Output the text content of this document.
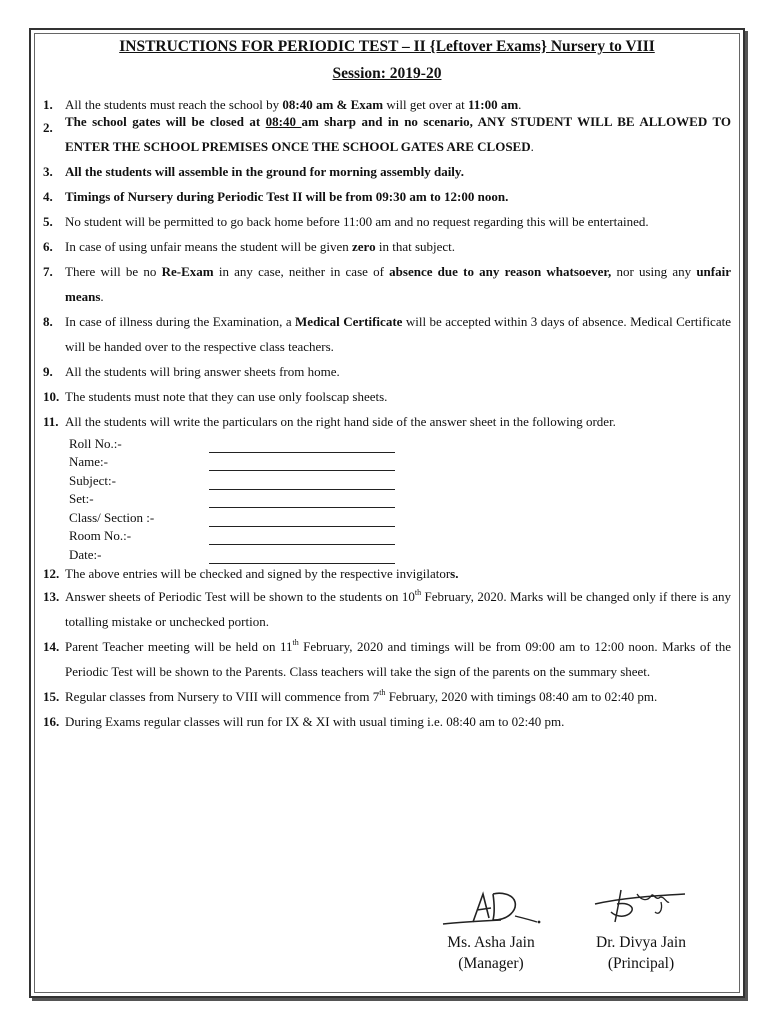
INSTRUCTIONS FOR PERIODIC TEST – II {Leftover Exams} Nursery to VIII
Session: 2019-20
1. All the students must reach the school by 08:40 am & Exam will get over at 11:00 am.
2. The school gates will be closed at 08:40 am sharp and in no scenario, ANY STUDENT WILL BE ALLOWED TO ENTER THE SCHOOL PREMISES ONCE THE SCHOOL GATES ARE CLOSED.
3. All the students will assemble in the ground for morning assembly daily.
4. Timings of Nursery during Periodic Test II will be from 09:30 am to 12:00 noon.
5. No student will be permitted to go back home before 11:00 am and no request regarding this will be entertained.
6. In case of using unfair means the student will be given zero in that subject.
7. There will be no Re-Exam in any case, neither in case of absence due to any reason whatsoever, nor using any unfair means.
8. In case of illness during the Examination, a Medical Certificate will be accepted within 3 days of absence. Medical Certificate will be handed over to the respective class teachers.
9. All the students will bring answer sheets from home.
10. The students must note that they can use only foolscap sheets.
11. All the students will write the particulars on the right hand side of the answer sheet in the following order.
Roll No.:-
Name:-
Subject:-
Set:-
Class/ Section :-
Room No.:-
Date:-
12. The above entries will be checked and signed by the respective invigilators.
13. Answer sheets of Periodic Test will be shown to the students on 10th February, 2020. Marks will be changed only if there is any totalling mistake or unchecked portion.
14. Parent Teacher meeting will be held on 11th February, 2020 and timings will be from 09:00 am to 12:00 noon. Marks of the Periodic Test will be shown to the Parents. Class teachers will take the sign of the parents on the summary sheet.
15. Regular classes from Nursery to VIII will commence from 7th February, 2020 with timings 08:40 am to 02:40 pm.
16. During Exams regular classes will run for IX & XI with usual timing i.e. 08:40 am to 02:40 pm.
Ms. Asha Jain
(Manager)
Dr. Divya Jain
(Principal)
